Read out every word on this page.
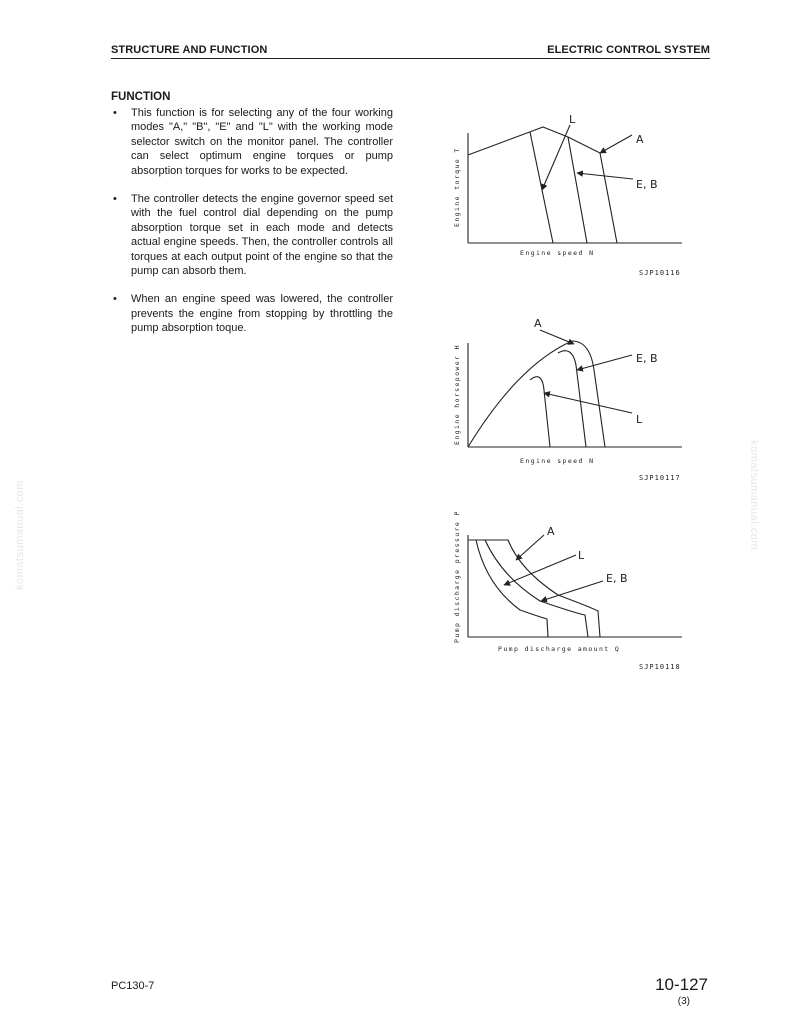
STRUCTURE AND FUNCTION	ELECTRIC CONTROL SYSTEM
FUNCTION
• This function is for selecting any of the four working modes "A," "B", "E" and "L" with the working mode selector switch on the monitor panel. The controller can select optimum engine torques or pump absorption torques for works to be expected.
• The controller detects the engine governor speed set with the fuel control dial depending on the pump absorption torque set in each mode and detects actual engine speeds. Then, the controller controls all torques at each output point of the engine so that the pump can absorb them.
• When an engine speed was lowered, the controller prevents the engine from stopping by throttling the pump absorption toque.
komatsumanual.com	komatsumanual.com
A
E, B
L
Engine torque T
Engine speed N
SJP10116
A
E, B
L
Engine horsepower H
Engine speed N
SJP10117
A
L
E, B
Pump discharge pressure P
Pump discharge amount Q
SJP10118
PC130-7	10-127
(3)
